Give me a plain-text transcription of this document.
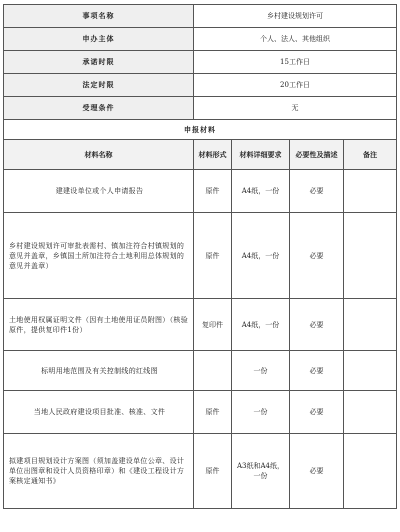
事项名称	乡村建设规划许可			
申办主体	个人、法人、其他组织			
承诺时限	15工作日			
法定时限	20工作日			
受理条件	无			
申报材料				
材料名称	材料形式	材料详细要求	必要性及描述	备注
建建设单位或个人申请报告	原件	A4纸，一份	必要	
乡村建设规划许可审批表需村、镇加注符合村镇规划的意见并盖章，乡镇国土所加注符合土地利用总体规划的意见并盖章）	原件	A4纸，一份	必要	
土地使用权属证明文件（因有土地使用证员附图）（核验原件，提供复印件1份）	复印件	A4纸，一份	必要	
标明用地范围及有关控制线的红线图		一份	必要	
当地人民政府建设项目批准、核准、文件	原件	一份	必要	
拟建项目规划设计方案图（须加盖建设单位公章、设计单位出图章和设计人员资格印章）和《建设工程设计方案核定通知书》	原件	A3纸和A4纸，一份	必要	
